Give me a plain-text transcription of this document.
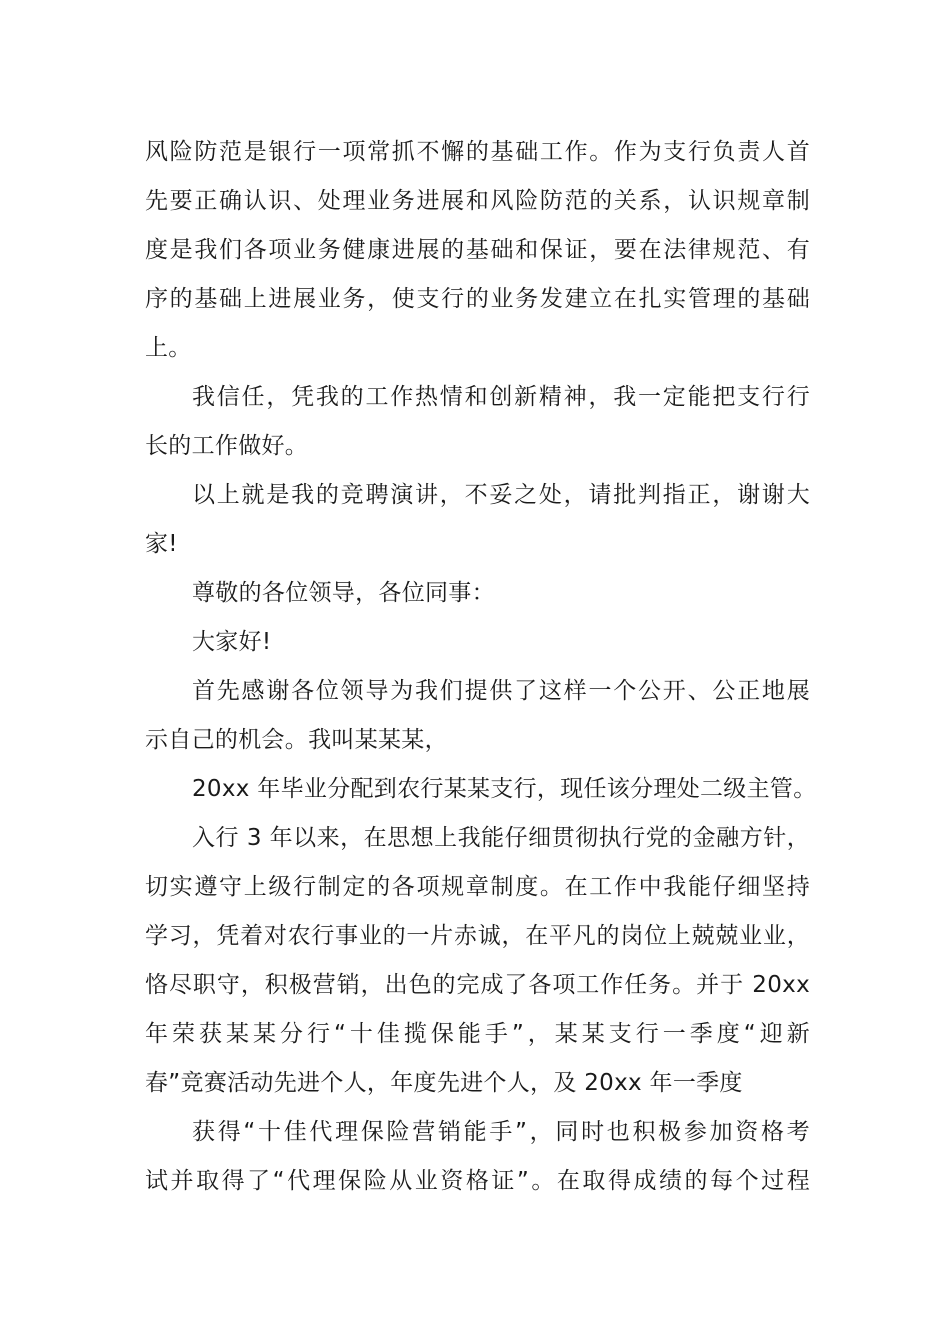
风险防范是银行一项常抓不懈的基础工作。作为支行负责人首
先要正确认识、处理业务进展和风险防范的关系，认识规章制
度是我们各项业务健康进展的基础和保证，要在法律规范、有
序的基础上进展业务，使支行的业务发建立在扎实管理的基础
上。
我信任，凭我的工作热情和创新精神，我一定能把支行行
长的工作做好。
以上就是我的竞聘演讲，不妥之处，请批判指正，谢谢大
家!
尊敬的各位领导，各位同事：
大家好!
首先感谢各位领导为我们提供了这样一个公开、公正地展
示自己的机会。我叫某某某，
20xx 年毕业分配到农行某某支行，现任该分理处二级主管。
入行 3 年以来，在思想上我能仔细贯彻执行党的金融方针，
切实遵守上级行制定的各项规章制度。在工作中我能仔细坚持
学习，凭着对农行事业的一片赤诚，在平凡的岗位上兢兢业业，
恪尽职守，积极营销，出色的完成了各项工作任务。并于 20xx
年荣获某某分行“十佳揽保能手”，某某支行一季度“迎新
春”竞赛活动先进个人，年度先进个人，及 20xx 年一季度
获得“十佳代理保险营销能手”，同时也积极参加资格考
试并取得了“代理保险从业资格证”。在取得成绩的每个过程
